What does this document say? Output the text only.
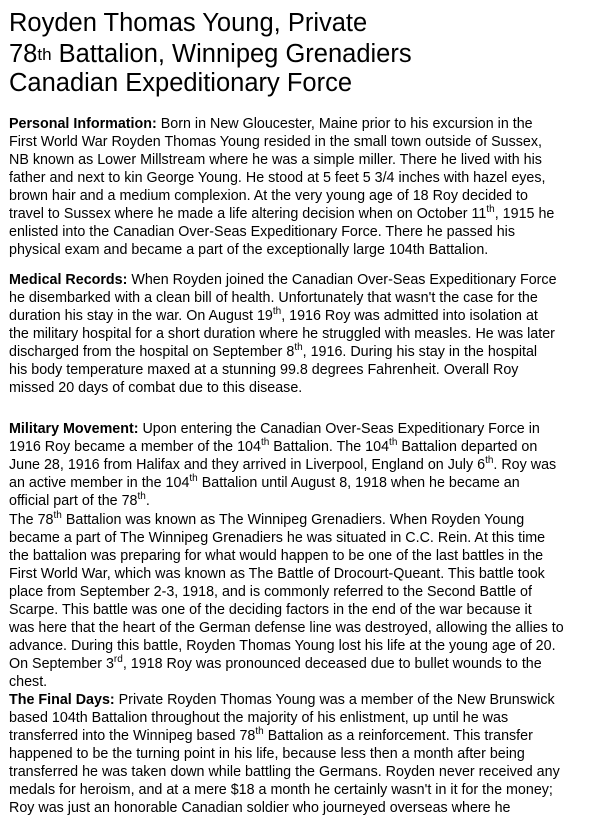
Royden Thomas Young, Private
78th Battalion, Winnipeg Grenadiers
Canadian Expeditionary Force
Personal Information: Born in New Gloucester, Maine prior to his excursion in the
First World War Royden Thomas Young resided in the small town outside of Sussex,
NB known as Lower Millstream where he was a simple miller. There he lived with his
father and next to kin George Young. He stood at 5 feet 5 3/4 inches with hazel eyes,
brown hair and a medium complexion. At the very young age of 18 Roy decided to
travel to Sussex where he made a life altering decision when on October 11th, 1915 he
enlisted into the Canadian Over-Seas Expeditionary Force. There he passed his
physical exam and became a part of the exceptionally large 104th Battalion.
Medical Records: When Royden joined the Canadian Over-Seas Expeditionary Force
he disembarked with a clean bill of health. Unfortunately that wasn't the case for the
duration his stay in the war. On August 19th, 1916 Roy was admitted into isolation at
the military hospital for a short duration where he struggled with measles. He was later
discharged from the hospital on September 8th, 1916. During his stay in the hospital
his body temperature maxed at a stunning 99.8 degrees Fahrenheit. Overall Roy
missed 20 days of combat due to this disease.
Military Movement: Upon entering the Canadian Over-Seas Expeditionary Force in
1916 Roy became a member of the 104th Battalion. The 104th Battalion departed on
June 28, 1916 from Halifax and they arrived in Liverpool, England on July 6th. Roy was
an active member in the 104th Battalion until August 8, 1918 when he became an
official part of the 78th.
The 78th Battalion was known as The Winnipeg Grenadiers. When Royden Young
became a part of The Winnipeg Grenadiers he was situated in C.C. Rein. At this time
the battalion was preparing for what would happen to be one of the last battles in the
First World War, which was known as The Battle of Drocourt-Queant. This battle took
place from September 2-3, 1918, and is commonly referred to the Second Battle of
Scarpe. This battle was one of the deciding factors in the end of the war because it
was here that the heart of the German defense line was destroyed, allowing the allies to
advance. During this battle, Royden Thomas Young lost his life at the young age of 20.
On September 3rd, 1918 Roy was pronounced deceased due to bullet wounds to the
chest.
The Final Days: Private Royden Thomas Young was a member of the New Brunswick
based 104th Battalion throughout the majority of his enlistment, up until he was
transferred into the Winnipeg based 78th Battalion as a reinforcement. This transfer
happened to be the turning point in his life, because less then a month after being
transferred he was taken down while battling the Germans. Royden never received any
medals for heroism, and at a mere $18 a month he certainly wasn't in it for the money;
Roy was just an honorable Canadian soldier who journeyed overseas where he
